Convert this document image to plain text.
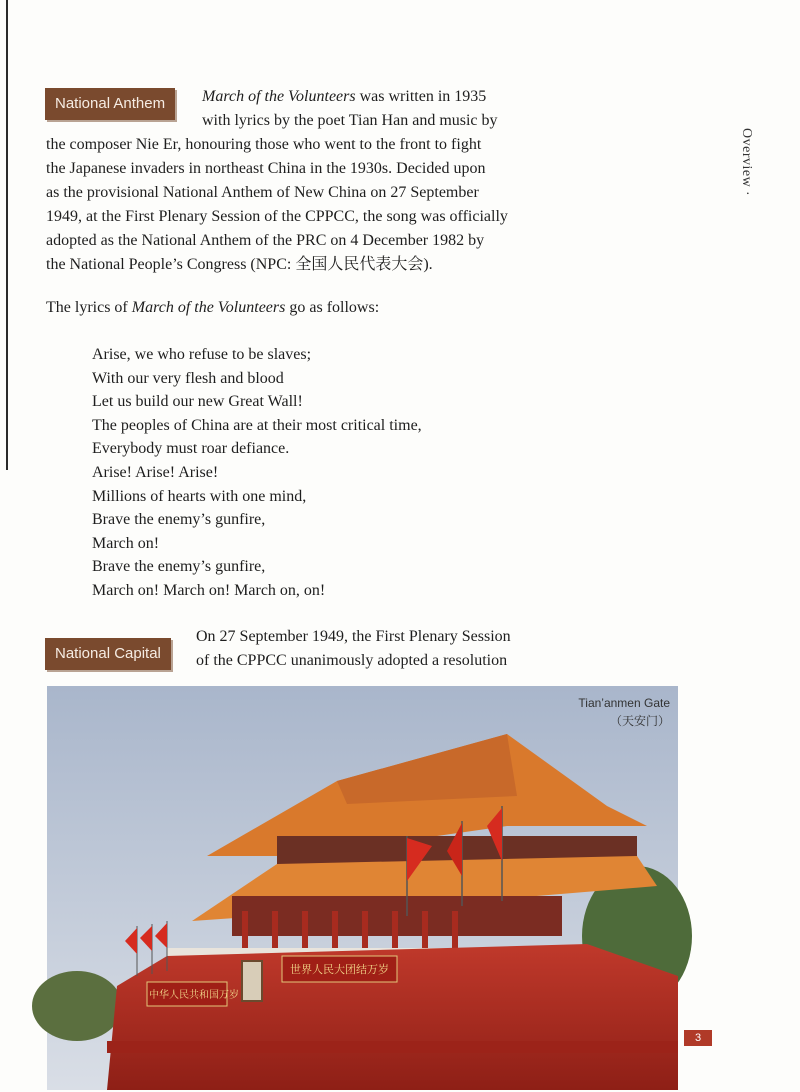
Overview·
National Anthem	March of the Volunteers was written in 1935

with lyrics by the poet Tian Han and music by

the composer Nie Er, honouring those who went to the front to fight

the Japanese invaders in northeast China in the 1930s. Decided upon

as the provisional National Anthem of New China on 27 September

1949, at the First Plenary Session of the CPPCC, the song was officially

adopted as the National Anthem of the PRC on 4 December 1982 by

the National People’s Congress (NPC: 全国人民代表大会).

The lyrics of March of the Volunteers go as follows:
Arise, we who refuse to be slaves;
With our very flesh and blood
Let us build our new Great Wall!
The peoples of China are at their most critical time,
Everybody must roar defiance.
Arise! Arise! Arise!
Millions of hearts with one mind,
Brave the enemy’s gunfire,
March on!
Brave the enemy’s gunfire,
March on! March on! March on, on!
National Capital

On 27 September 1949, the First Plenary Session

of the CPPCC unanimously adopted a resolution

中华人民共和国万岁
世界人民大团结万岁
Tian’anmen Gate
（天安门）
3
